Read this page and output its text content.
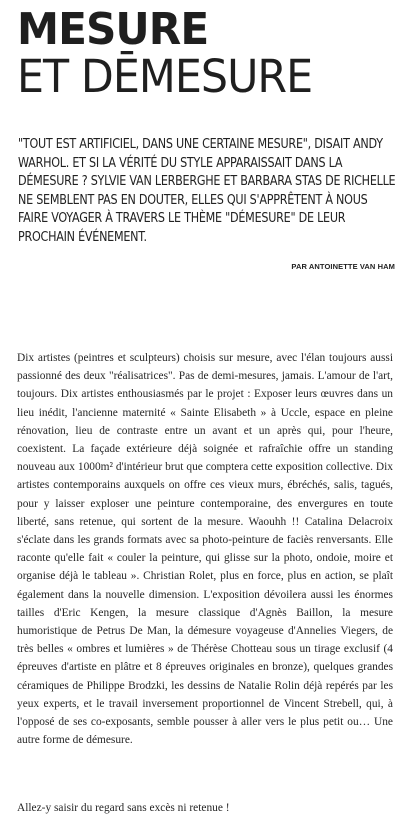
MESURE
ET DĒMESURE
"TOUT EST ARTIFICIEL, DANS UNE CERTAINE MESURE", DISAIT ANDY WARHOL. ET SI LA VÉRITÉ DU STYLE APPARAISSAIT DANS LA DÉMESURE ? SYLVIE VAN LERBERGHE ET BARBARA STAS DE RICHELLE NE SEMBLENT PAS EN DOUTER, ELLES QUI S'APPRÊTENT À NOUS FAIRE VOYAGER À TRAVERS LE THÈME "DÉMESURE" DE LEUR PROCHAIN ÉVÉNEMENT.
PAR ANTOINETTE VAN HAM

Dix artistes (peintres et sculpteurs) choisis sur mesure, avec l'élan toujours aussi passionné des deux "réalisatrices". Pas de demi-mesures, jamais. L'amour de l'art, toujours. Dix artistes enthousiasmés par le projet : Exposer leurs œuvres dans un lieu inédit, l'ancienne maternité « Sainte Elisabeth » à Uccle, espace en pleine rénovation, lieu de contraste entre un avant et un après qui, pour l'heure, coexistent. La façade extérieure déjà soignée et rafraîchie offre un standing nouveau aux 1000m² d'intérieur brut que comptera cette exposition collective. Dix artistes contemporains auxquels on offre ces vieux murs, ébréchés, salis, tagués, pour y laisser exploser une peinture contemporaine, des envergures en toute liberté, sans retenue, qui sortent de la mesure. Waouhh !! Catalina Delacroix s'éclate dans les grands formats avec sa photo-peinture de faciès renversants. Elle raconte qu'elle fait « couler la peinture, qui glisse sur la photo, ondoie, moire et organise déjà le tableau ». Christian Rolet, plus en force, plus en action, se plaît également dans la nouvelle dimension. L'exposition dévoilera aussi les énormes tailles d'Eric Kengen, la mesure classique d'Agnès Baillon, la mesure humoristique de Petrus De Man, la démesure voyageuse d'Annelies Viegers, de très belles « ombres et lumières » de Thérèse Chotteau sous un tirage exclusif (4 épreuves d'artiste en plâtre et 8 épreuves originales en bronze), quelques grandes céramiques de Philippe Brodzki, les dessins de Natalie Rolin déjà repérés par les yeux experts, et le travail inversement proportionnel de Vincent Strebell, qui, à l'opposé de ses co-exposants, semble pousser à aller vers le plus petit ou… Une autre forme de démesure.

Allez-y saisir du regard sans excès ni retenue !
